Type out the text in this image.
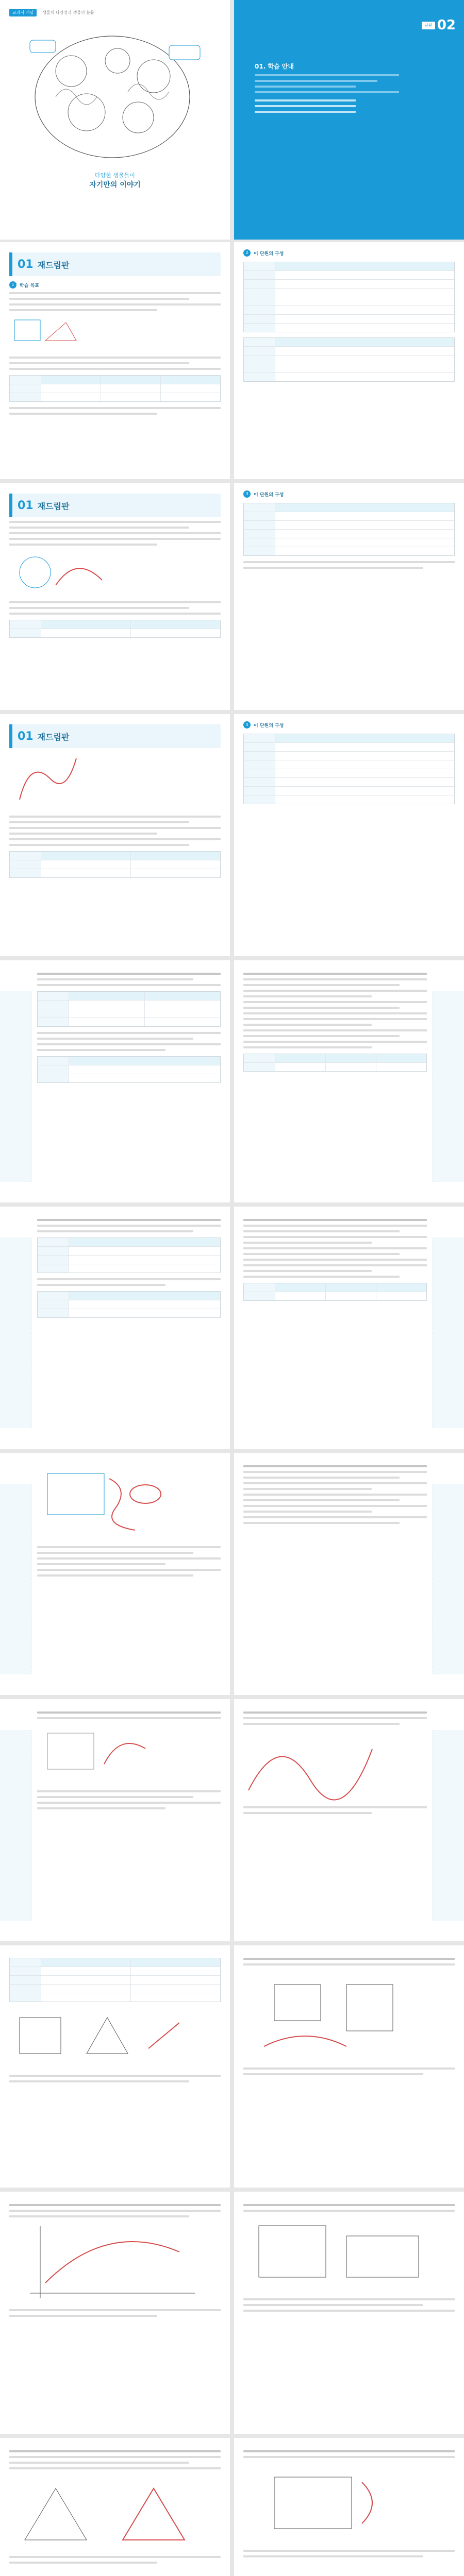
교과서 개념 생물의 다양성과 생물의 분류
다양한 생물들이
자기만의 이야기
단원 02
01. 학습 안내
01 재드림판
1	학습 목표
2	이 단원의 구성
01 재드림판
3	이 단원의 구성
01 재드림판
4	이 단원의 구성
